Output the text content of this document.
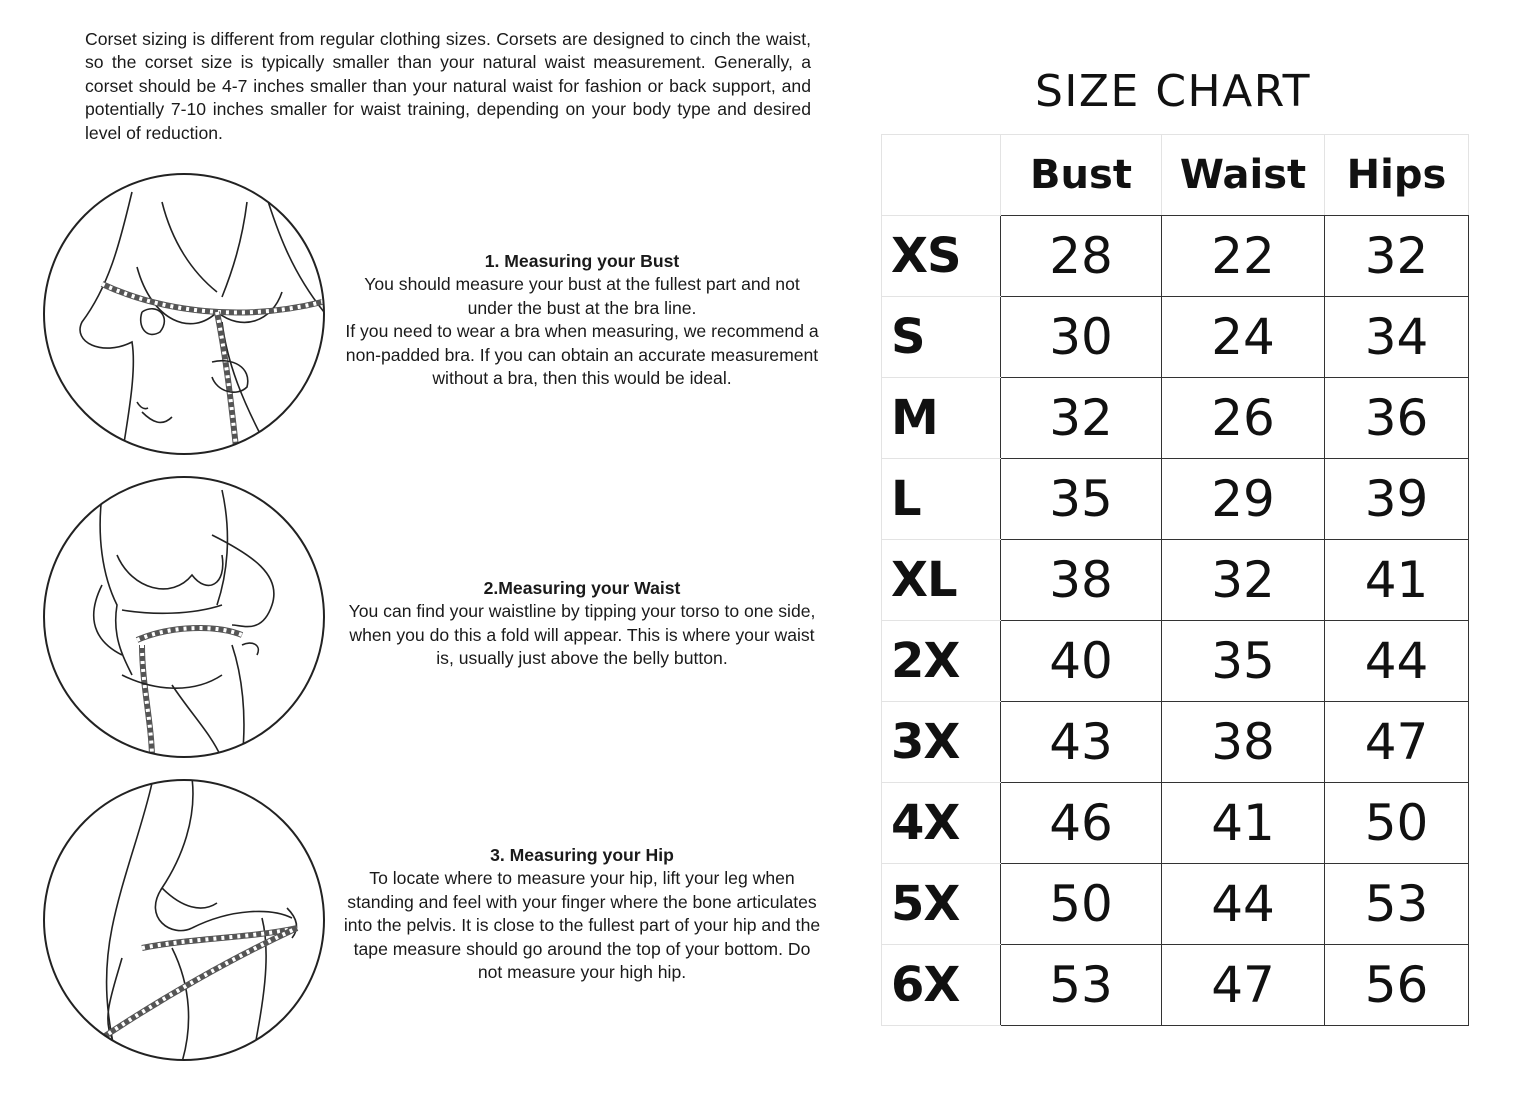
Corset sizing is different from regular clothing sizes. Corsets are designed to cinch the waist, so the corset size is typically smaller than your natural waist measurement. Generally, a corset should be 4-7 inches smaller than your natural waist for fashion or back support, and potentially 7-10 inches smaller for waist training, depending on your body type and desired level of reduction.

1. Measuring your Bust

You should measure your bust at the fullest part and not under the bust at the bra line.
If you need to wear a bra when measuring, we recommend a non-padded bra. If you can obtain an accurate measurement without a bra, then this would be ideal.

2.Measuring your Waist

You can find your waistline by tipping your torso to one side, when you do this a fold will appear. This is where your waist is, usually just above the belly button.

3. Measuring your Hip

To locate where to measure your hip, lift your leg when standing and feel with your finger where the bone articulates into the pelvis. It is close to the fullest part of your hip and the tape measure should go around the top of your bottom. Do not measure your high hip.

SIZE CHART
	Bust	Waist	Hips
XS	28	22	32
S	30	24	34
M	32	26	36
L	35	29	39
XL	38	32	41
2X	40	35	44
3X	43	38	47
4X	46	41	50
5X	50	44	53
6X	53	47	56
